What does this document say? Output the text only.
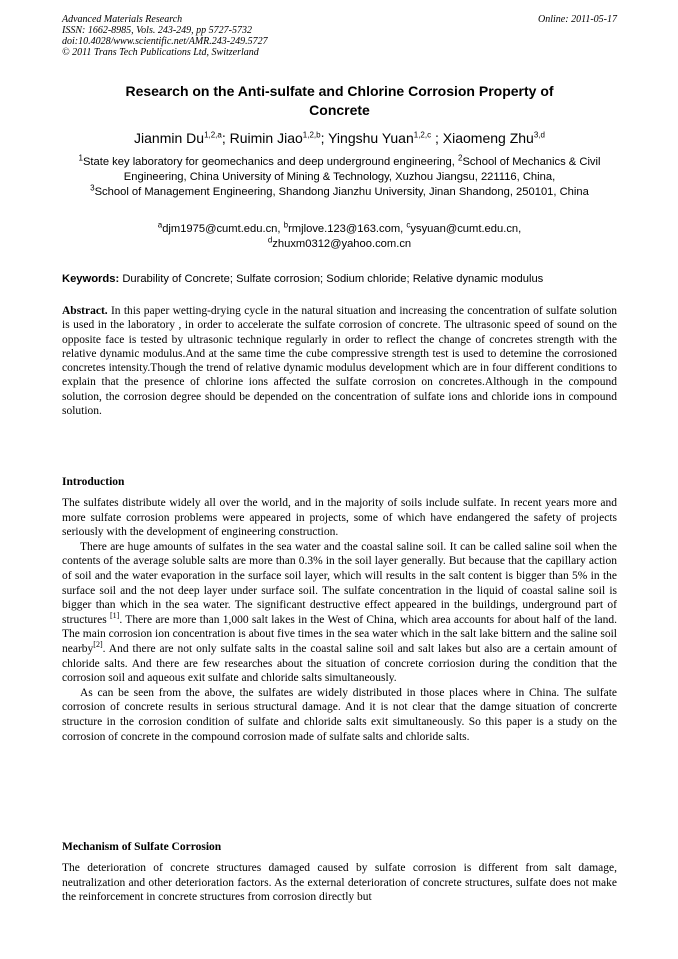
Advanced Materials Research
ISSN: 1662-8985, Vols. 243-249, pp 5727-5732
doi:10.4028/www.scientific.net/AMR.243-249.5727
© 2011 Trans Tech Publications Ltd, Switzerland
Online: 2011-05-17
Research on the Anti-sulfate and Chlorine Corrosion Property of
Concrete
Jianmin Du$^{1,2,a}$; Ruimin Jiao$^{1,2,b}$; Yingshu Yuan$^{1,2,c}$ ; Xiaomeng Zhu$^{3,d}$
$^1$State key laboratory for geomechanics and deep underground engineering, $^2$School of Mechanics & Civil Engineering, China University of Mining & Technology, Xuzhou Jiangsu, 221116, China,
$^3$School of Management Engineering, Shandong Jianzhu University, Jinan Shandong, 250101, China
$^a$djm1975@cumt.edu.cn, $^b$rmjlove.123@163.com, $^c$ysyuan@cumt.edu.cn,
$^d$zhuxm0312@yahoo.com.cn
Keywords: Durability of Concrete; Sulfate corrosion; Sodium chloride; Relative dynamic modulus
Abstract. In this paper wetting-drying cycle in the natural situation and increasing the concentration of sulfate solution is used in the laboratory , in order to accelerate the sulfate corrosion of concrete. The ultrasonic speed of sound on the opposite face is tested by ultrasonic technique regularly in order to reflect the change of concretes strength with the relative dynamic modulus.And at the same time the cube compressive strength test is used to detemine the corrosioned concretes intensity.Though the trend of relative dynamic modulus development which are in four different conditions to explain that the presence of chlorine ions affected the sulfate corrosion on concretes.Although in the compound solution, the corrosion degree should be depended on the concentration of sulfate ions and chloride ions in compound solution.
Introduction

The sulfates distribute widely all over the world, and in the majority of soils include sulfate. In recent years more and more sulfate corrosion problems were appeared in projects, some of which have endangered the safety of projects seriously with the development of engineering construction.

There are huge amounts of sulfates in the sea water and the coastal saline soil. It can be called saline soil when the contents of the average soluble salts are more than 0.3% in the soil layer generally. But because that the capillary action of soil and the water evaporation in the surface soil layer, which will results in the salt content is bigger than 5% in the surface soil and the not deep layer under surface soil. The sulfate concentration in the liquid of coastal saline soil is bigger than which in the sea water. The significant destructive effect appeared in the buildings, underground part of structures [1]. There are more than 1,000 salt lakes in the West of China, which area accounts for about half of the land. The main corrosion ion concentration is about five times in the sea water which in the salt lake bittern and the saline soil nearby[2]. And there are not only sulfate salts in the coastal saline soil and salt lakes but also are a certain amount of chloride salts. And there are few researches about the situation of concrete corriosion during the condition that the corrosion soil and aqueous exit sulfate and chloride salts simultaneously.

As can be seen from the above, the sulfates are widely distributed in those places where in China. The sulfate corrosion of concrete results in serious structural damage. And it is not clear that the damge situation of concrerte structure in the corrosion condition of sulfate and chloride salts exit simultaneously. So this paper is a study on the corrosion of concrete in the compound corrosion made of sulfate salts and chloride salts.

Mechanism of Sulfate Corrosion
The deterioration of concrete structures damaged caused by sulfate corrosion is different from salt damage, neutralization and other deterioration factors. As the external deterioration of concrete structures, sulfate does not make the reinforcement in concrete structures from corrosion directly but
